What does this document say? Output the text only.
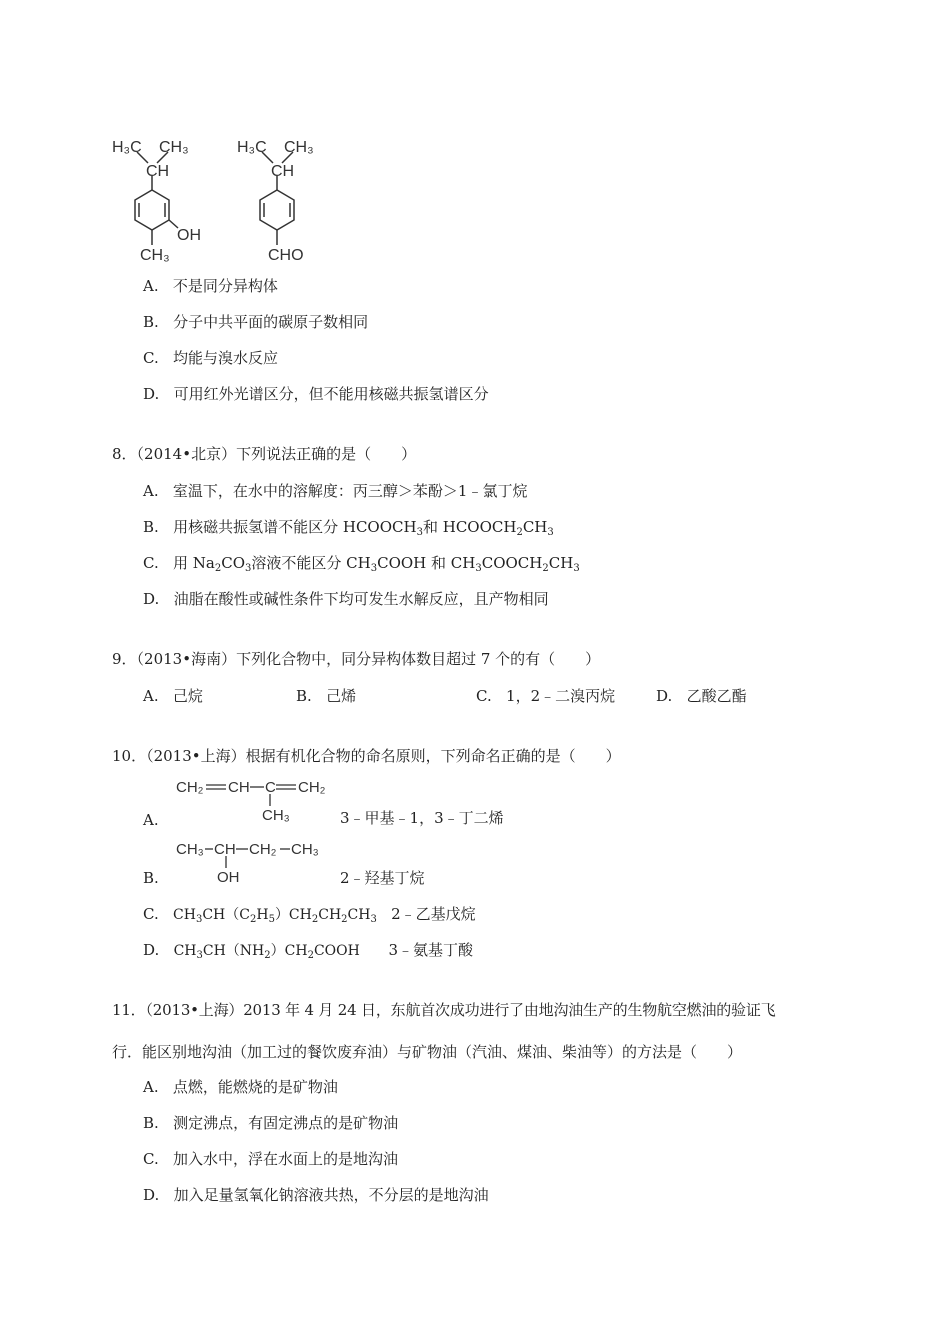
H₃C CH₃
CH
OH
CH₃
H₃C CH₃
CH
CHO
A. 不是同分异构体
B. 分子中共平面的碳原子数相同
C. 均能与溴水反应
D. 可用红外光谱区分，但不能用核磁共振氢谱区分
8．（2014•北京）下列说法正确的是（　　）
A. 室温下，在水中的溶解度：丙三醇＞苯酚＞1﹣氯丁烷
B. 用核磁共振氢谱不能区分 $HCOOCH_3$和 $HCOOCH_2CH_3$
C. 用 $Na_2CO_3$溶液不能区分 $CH_3COOH$ 和 $CH_3COOCH_2CH_3$
D. 油脂在酸性或碱性条件下均可发生水解反应，且产物相同
9．（2013•海南）下列化合物中，同分异构体数目超过 7 个的有（　　）
A. 己烷	B. 己烯	C. 1，2﹣二溴丙烷	D. 乙酸乙酯
10．（2013•上海）根据有机化合物的命名原则，下列命名正确的是（　　）
CH₂ CH C CH₂
CH₃
A.	3﹣甲基﹣1，3﹣丁二烯
CH₃ CH CH₂ CH₃
OH
B.	2﹣羟基丁烷
C. $CH_3CH(C_2H_5)CH_2CH_2CH_3$ 2﹣乙基戊烷
D. $CH_3CH(NH_2)CH_2COOH$ 3﹣氨基丁酸
11．（2013•上海）2013 年 4 月 24 日，东航首次成功进行了由地沟油生产的生物航空燃油的验证飞
行．能区别地沟油（加工过的餐饮废弃油）与矿物油（汽油、煤油、柴油等）的方法是（　　）
A. 点燃，能燃烧的是矿物油
B. 测定沸点，有固定沸点的是矿物油
C. 加入水中，浮在水面上的是地沟油
D. 加入足量氢氧化钠溶液共热，不分层的是地沟油
